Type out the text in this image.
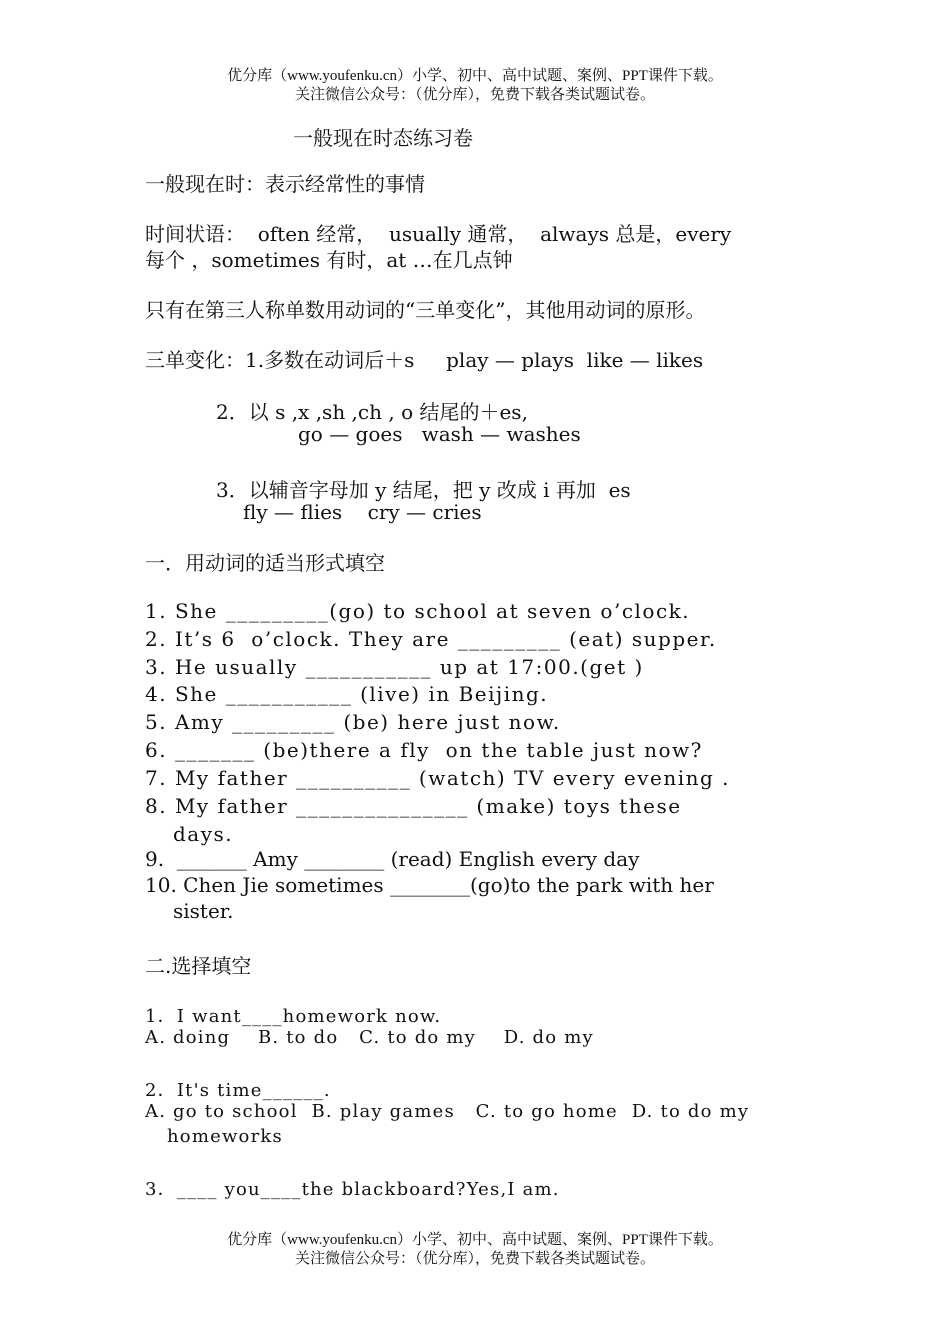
优分库（www.youfenku.cn）小学、初中、高中试题、案例、PPT课件下载。
关注微信公众号：（优分库），免费下载各类试题试卷。
一般现在时态练习卷
一般现在时：表示经常性的事情
时间状语：  often 经常，  usually 通常，  always 总是，every
每个 ，sometimes 有时，at …在几点钟
只有在第三人称单数用动词的“三单变化”，其他用动词的原形。
三单变化：1.多数在动词后＋s     play — plays  like — likes
2．以 s ,x ,sh ,ch , o 结尾的＋es,
go — goes   wash — washes
3．以辅音字母加 y 结尾，把 y 改成 i 再加  es
fly — flies    cry — cries
一．用动词的适当形式填空
1. She _________(go) to school at seven o’clock.
2. It’s 6  o’clock. They are _________ (eat) supper.
3. He usually ___________ up at 17:00.(get )
4. She ___________ (live) in Beijing.
5. Amy _________ (be) here just now.
6. _______ (be)there a fly  on the table just now?
7. My father __________ (watch) TV every evening .
8. My father _______________ (make) toys these
days.
9.  _______ Amy ________ (read) English every day
10. Chen Jie sometimes ________(go)to the park with her
sister.
二.选择填空
1．I want____homework now.
A. doing    B. to do   C. to do my    D. do my
2．It's time______.
A. go to school  B. play games   C. to go home  D. to do my
homeworks
3．____ you____the blackboard?Yes,I am.
优分库（www.youfenku.cn）小学、初中、高中试题、案例、PPT课件下载。
关注微信公众号：（优分库），免费下载各类试题试卷。
